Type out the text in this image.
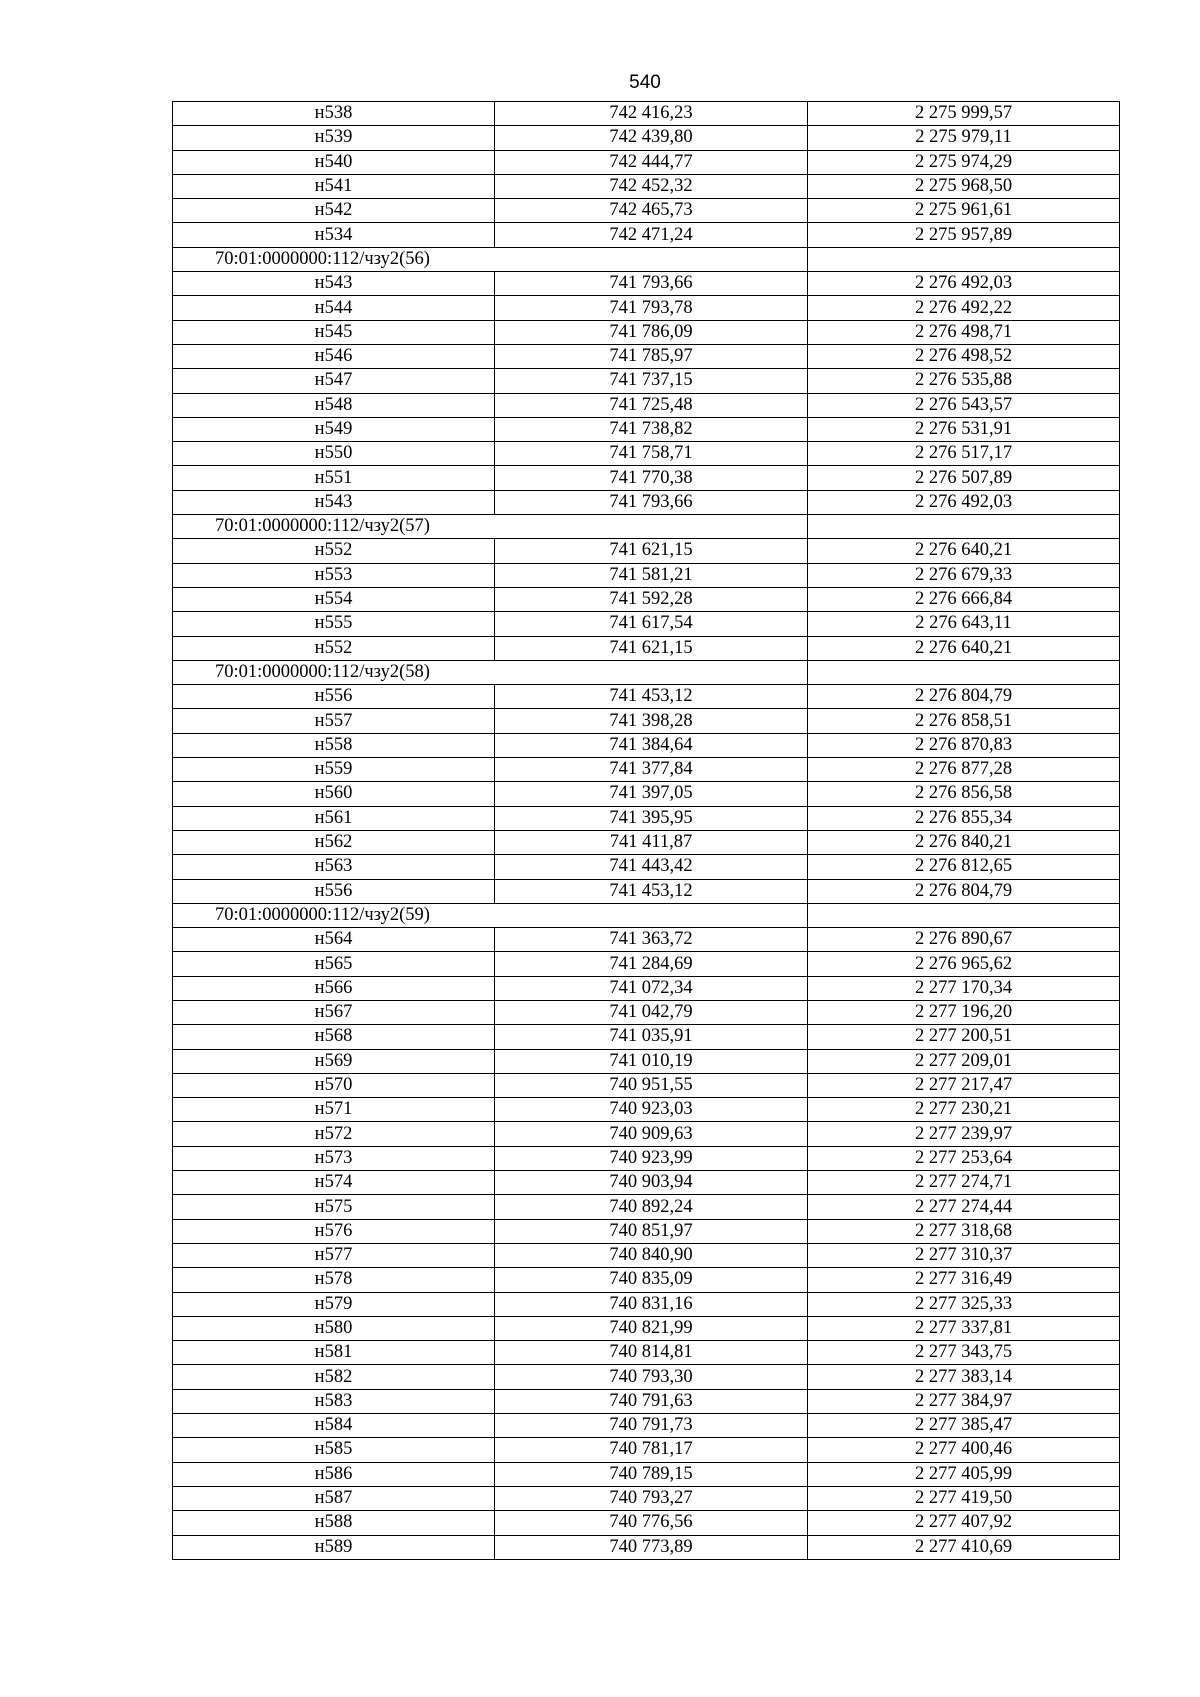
540
н538	742 416,23	2 275 999,57
н539	742 439,80	2 275 979,11
н540	742 444,77	2 275 974,29
н541	742 452,32	2 275 968,50
н542	742 465,73	2 275 961,61
н534	742 471,24	2 275 957,89
70:01:0000000:112/чзу2(56)		
н543	741 793,66	2 276 492,03
н544	741 793,78	2 276 492,22
н545	741 786,09	2 276 498,71
н546	741 785,97	2 276 498,52
н547	741 737,15	2 276 535,88
н548	741 725,48	2 276 543,57
н549	741 738,82	2 276 531,91
н550	741 758,71	2 276 517,17
н551	741 770,38	2 276 507,89
н543	741 793,66	2 276 492,03
70:01:0000000:112/чзу2(57)		
н552	741 621,15	2 276 640,21
н553	741 581,21	2 276 679,33
н554	741 592,28	2 276 666,84
н555	741 617,54	2 276 643,11
н552	741 621,15	2 276 640,21
70:01:0000000:112/чзу2(58)		
н556	741 453,12	2 276 804,79
н557	741 398,28	2 276 858,51
н558	741 384,64	2 276 870,83
н559	741 377,84	2 276 877,28
н560	741 397,05	2 276 856,58
н561	741 395,95	2 276 855,34
н562	741 411,87	2 276 840,21
н563	741 443,42	2 276 812,65
н556	741 453,12	2 276 804,79
70:01:0000000:112/чзу2(59)		
н564	741 363,72	2 276 890,67
н565	741 284,69	2 276 965,62
н566	741 072,34	2 277 170,34
н567	741 042,79	2 277 196,20
н568	741 035,91	2 277 200,51
н569	741 010,19	2 277 209,01
н570	740 951,55	2 277 217,47
н571	740 923,03	2 277 230,21
н572	740 909,63	2 277 239,97
н573	740 923,99	2 277 253,64
н574	740 903,94	2 277 274,71
н575	740 892,24	2 277 274,44
н576	740 851,97	2 277 318,68
н577	740 840,90	2 277 310,37
н578	740 835,09	2 277 316,49
н579	740 831,16	2 277 325,33
н580	740 821,99	2 277 337,81
н581	740 814,81	2 277 343,75
н582	740 793,30	2 277 383,14
н583	740 791,63	2 277 384,97
н584	740 791,73	2 277 385,47
н585	740 781,17	2 277 400,46
н586	740 789,15	2 277 405,99
н587	740 793,27	2 277 419,50
н588	740 776,56	2 277 407,92
н589	740 773,89	2 277 410,69
